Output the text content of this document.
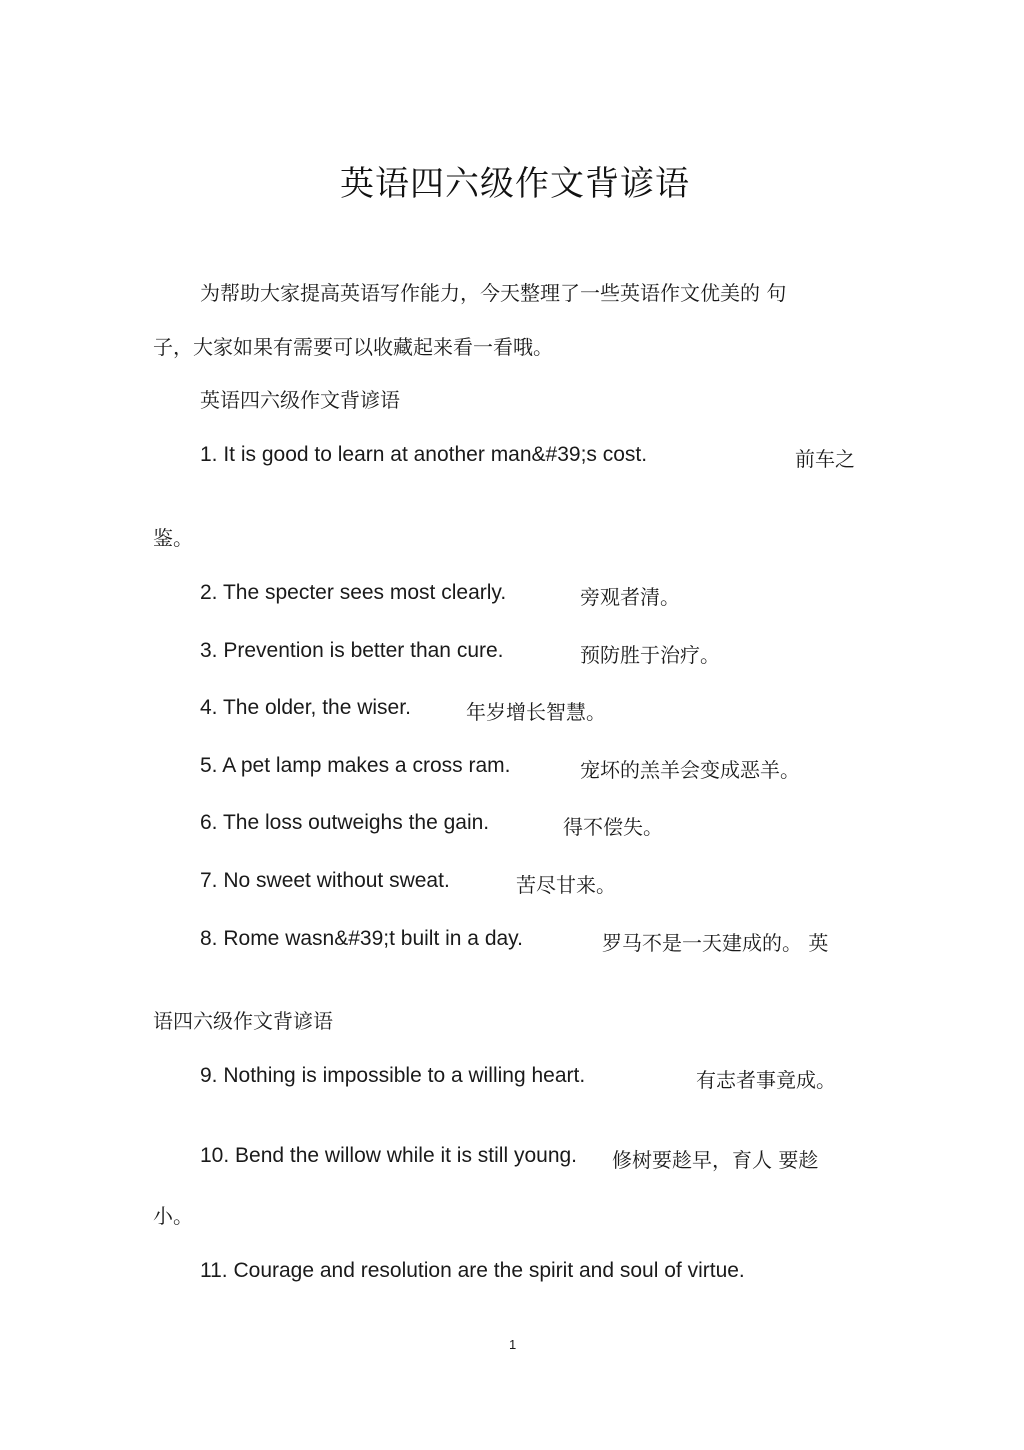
英语四六级作文背谚语
为帮助大家提高英语写作能力，今天整理了一些英语作文优美的 句
子，大家如果有需要可以收藏起来看一看哦。
英语四六级作文背谚语
1. It is good to learn at another man&#39;s cost.	前车之
鉴。
2. The specter sees most clearly.	旁观者清。
3. Prevention is better than cure.	预防胜于治疗。
4. The older, the wiser.	年岁增长智慧。
5. A pet lamp makes a cross ram.	宠坏的羔羊会变成恶羊。
6. The loss outweighs the gain.	得不偿失。
7. No sweet without sweat.	苦尽甘来。
8. Rome wasn&#39;t built in a day.	罗马不是一天建成的。 英
语四六级作文背谚语
9. Nothing is impossible to a willing heart.	有志者事竟成。
10. Bend the willow while it is still young. 修树要趁早，育人 要趁
小。
11. Courage and resolution are the spirit and soul of virtue.
1
